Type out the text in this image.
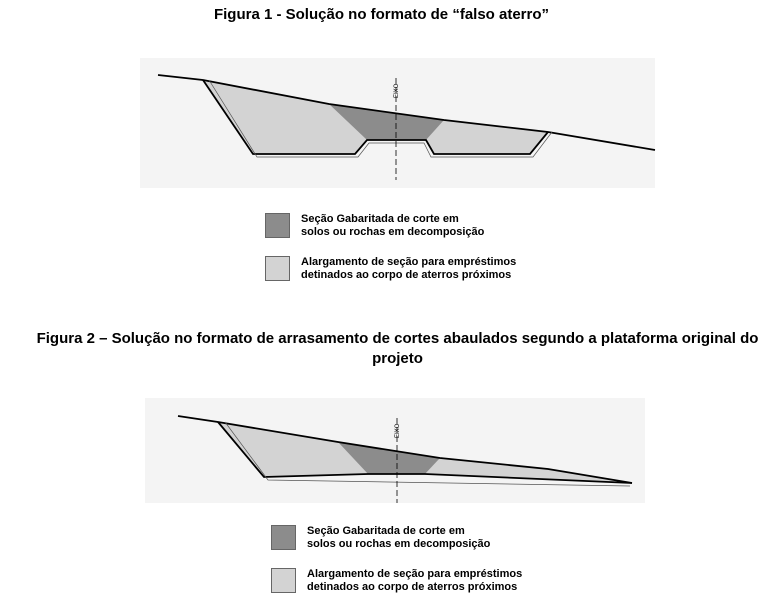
Figura 1 - Solução no formato de “falso aterro”
EIXO
Seção Gabaritada de corte em
solos ou rochas em decomposição
Alargamento de seção para empréstimos
detinados ao corpo de aterros próximos
Figura 2 – Solução no formato de arrasamento de cortes abaulados segundo a plataforma original do projeto
EIXO
Seção Gabaritada de corte em
solos ou rochas em decomposição
Alargamento de seção para empréstimos
detinados ao corpo de aterros próximos
